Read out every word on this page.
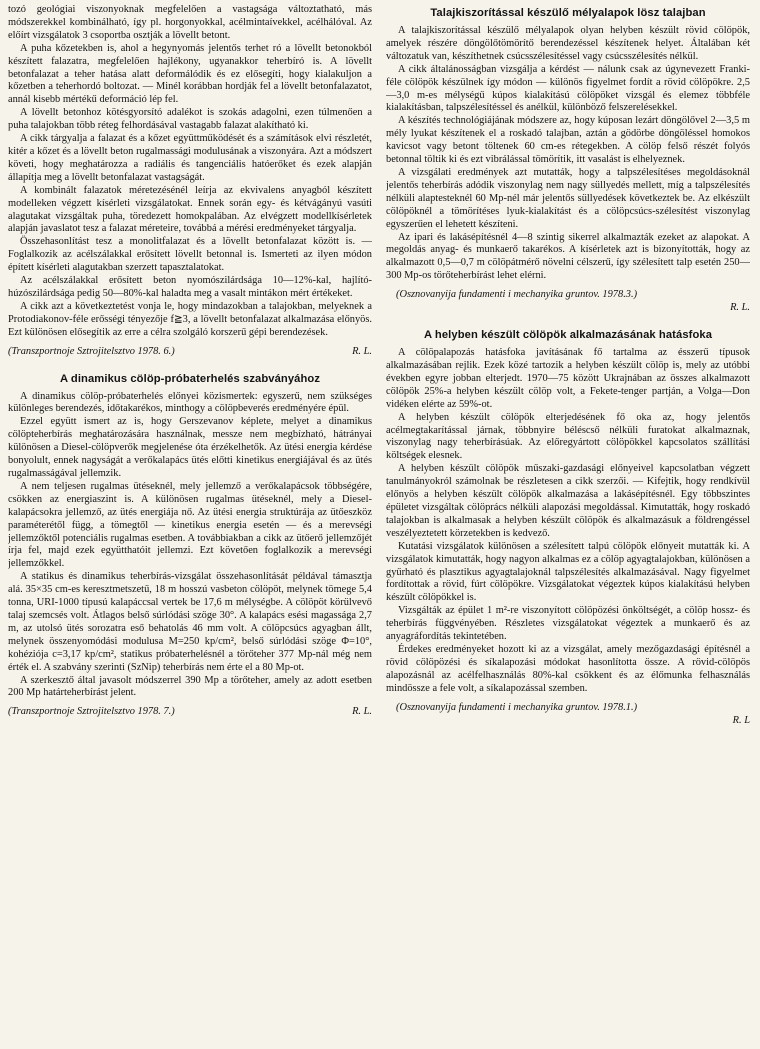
tozó geológiai viszonyoknak megfelelően a vastagsága változtatható, más módszerekkel kombinálható, így pl. horgonyokkal, acélmintaívekkel, acélhálóval. Az előírt vizsgálatok 3 csoportba osztják a lövellt betont.

A puha kőzetekben is, ahol a hegynyomás jelentős terhet ró a lövellt betonokból készített falazatra, megfelelően hajlékony, ugyanakkor teherbíró is. A lövellt betonfalazat a teher hatása alatt deformálódik és ez elősegíti, hogy kialakuljon a kőzetben a teherhordó boltozat. — Minél korábban hordják fel a lövellt betonfalazatot, annál kisebb mértékű deformáció lép fel.

A lövellt betonhoz kötésgyorsító adalékot is szokás adagolni, ezen túlmenően a puha talajokban több réteg felhordásával vastagabb falazat alakítható ki.

A cikk tárgyalja a falazat és a kőzet együttműködését és a számítások elvi részletét, kitér a kőzet és a lövellt beton rugalmassági modulusának a viszonyára. Azt a módszert követi, hogy meghatározza a radiális és tangenciális hatóerőket és ezek alapján állapítja meg a lövellt betonfalazat vastagságát.

A kombinált falazatok méretezésénél leírja az ekvivalens anyagból készített modelleken végzett kísérleti vizsgálatokat. Ennek során egy- és kétvágányú vasúti alagutakat vizsgáltak puha, töredezett homokpalában. Az elvégzett modellkísérletek alapján javaslatot tesz a falazat méreteire, továbbá a mérési eredményeket tárgyalja.

Összehasonlítást tesz a monolitfalazat és a lövellt betonfalazat között is. — Foglalkozik az acélszálakkal erősített lövellt betonnal is. Ismerteti az ilyen módon épített kísérleti alagutakban szerzett tapasztalatokat.

Az acélszálakkal erősített beton nyomószilárdsága 10—12%-kal, hajlító-húzószilárdsága pedig 50—80%-kal haladta meg a vasalt mintákon mért értékeket.

A cikk azt a következtetést vonja le, hogy mindazokban a talajokban, melyeknek a Protodiakonov-féle erősségi tényezője f≧3, a lövellt betonfalazat alkalmazása előnyös. Ezt különösen elősegítik az erre a célra szolgáló korszerű gépi berendezések.

(Transzportnoje Sztrojitelsztvo 1978. 6.)	R. L.
A dinamikus cölöp-próbaterhelés szabványához

A dinamikus cölöp-próbaterhelés előnyei közismertek: egyszerű, nem szükséges különleges berendezés, időtakarékos, minthogy a cölöpbeverés eredményére épül.

Ezzel együtt ismert az is, hogy Gerszevanov képlete, melyet a dinamikus cölöpteherbírás meghatározására használnak, messze nem megbízható, hátrányai különösen a Diesel-cölöpverők megjelenése óta érzékelhetők. Az ütési energia kérdése bonyolult, ennek nagyságát a verőkalapács ütés előtti kinetikus energiájával és az ütés rugalmasságával jellemzik.

A nem teljesen rugalmas ütéseknél, mely jellemző a verőkalapácsok többségére, csökken az energiaszint is. A különösen rugalmas ütéseknél, mely a Diesel-kalapácsokra jellemző, az ütés energiája nő. Az ütési energia struktúrája az ütőeszköz paraméterétől függ, a tömegtől — kinetikus energia esetén — és a merevségi jellemzőktől potenciális rugalmas esetben. A továbbiakban a cikk az ütőerő jellemzőjét írja fel, majd ezek együtthatóit jellemzi. Ezt követően foglalkozik a merevségi jellemzőkkel.

A statikus és dinamikus teherbírás-vizsgálat összehasonlítását példával támasztja alá. 35×35 cm-es keresztmetszetű, 18 m hosszú vasbeton cölöpöt, melynek tömege 5,4 tonna, URI-1000 típusú kalapáccsal vertek be 17,6 m mélységbe. A cölöpöt körülvevő talaj szemcsés volt. Átlagos belső súrlódási szöge 30°. A kalapács esési magassága 2,7 m, az utolsó ütés sorozatra eső behatolás 46 mm volt. A cölöpcsúcs agyagban állt, melynek összenyomódási modulusa M=250 kp/cm², belső súrlódási szöge Φ=10°, kohéziója c=3,17 kp/cm², statikus próbaterhelésnél a törőteher 377 Mp-nál még nem érték el. A szabvány szerinti (SzNip) teherbírás nem érte el a 80 Mp-ot.

A szerkesztő által javasolt módszerrel 390 Mp a törőteher, amely az adott esetben 200 Mp határteherbírást jelent.

(Transzportnoje Sztrojitelsztvo 1978. 7.)	R. L.
Talajkiszorítással készülő mélyalapok lösz talajban

A talajkiszorítással készülő mélyalapok olyan helyben készült rövid cölöpök, amelyek részére döngölőtömörítő berendezéssel készítenek helyet. Általában két változatuk van, készíthetnek csúcsszélesítéssel vagy csúcsszélesítés nélkül.

A cikk általánosságban vizsgálja a kérdést — nálunk csak az úgynevezett Franki-féle cölöpök készülnek így módon — különös figyelmet fordít a rövid cölöpökre. 2,5—3,0 m-es mélységű kúpos kialakítású cölöpöket vizsgál és elemez többféle kialakításban, talpszélesítéssel és anélkül, különböző felszerelésekkel.

A készítés technológiájának módszere az, hogy kúposan lezárt döngölővel 2—3,5 m mély lyukat készítenek el a roskadó talajban, aztán a gödörbe döngöléssel homokos kavicsot vagy betont töltenek 60 cm-es rétegekben. A cölöp felső részét folyós betonnal töltik ki és ezt vibrálással tömörítik, itt vasalást is elhelyeznek.

A vizsgálati eredmények azt mutatták, hogy a talpszélesítéses megoldásoknál jelentős teherbírás adódik viszonylag nem nagy süllyedés mellett, míg a talpszélesítés nélküli alaptesteknél 60 Mp-nél már jelentős süllyedések következtek be. Az elkészült cölöpöknél a tömörítéses lyuk-kialakítást és a cölöpcsúcs-szélesítést viszonylag egyszerűen el lehetett készíteni.

Az ipari és lakásépítésnél 4—8 szintig sikerrel alkalmazták ezeket az alapokat. A megoldás anyag- és munkaerő takarékos. A kísérletek azt is bizonyították, hogy az alkalmazott 0,5—0,7 m cölöpátmérő növelni célszerű, így szélesített talp esetén 250—300 Mp-os törőteherbírást lehet elérni.

(Osznovanyija fundamenti i mechanyika gruntov. 1978.3.)
R. L.
A helyben készült cölöpök alkalmazásának hatásfoka

A cölöpalapozás hatásfoka javításának fő tartalma az ésszerű típusok alkalmazásában rejlik. Ezek közé tartozik a helyben készült cölöp is, mely az utóbbi években egyre jobban elterjedt. 1970—75 között Ukrajnában az összes alkalmazott cölöpök 25%-a helyben készült cölöp volt, a Fekete-tenger partján, a Volga—Don vidéken elérte az 59%-ot.

A helyben készült cölöpök elterjedésének fő oka az, hogy jelentős acélmegtakarítással járnak, többnyire béléscső nélküli furatokat alkalmaznak, viszonylag nagy teherbírásúak. Az előregyártott cölöpökkel kapcsolatos szállítási költségek elesnek.

A helyben készült cölöpök műszaki-gazdasági előnyeivel kapcsolatban végzett tanulmányokról számolnak be részletesen a cikk szerzői. — Kifejtik, hogy rendkívül előnyös a helyben készült cölöpök alkalmazása a lakásépítésnél. Egy többszintes épületet vizsgáltak cölöprács nélküli alapozási megoldással. Kimutatták, hogy roskadó talajokban is alkalmasak a helyben készült cölöpök és alkalmazásuk a földrengéssel veszélyeztetett körzetekben is kedvező.

Kutatási vizsgálatok különösen a szélesített talpú cölöpök előnyeit mutatták ki. A vizsgálatok kimutatták, hogy nagyon alkalmas ez a cölöp agyagtalajokban, különösen a gyűrható és plasztikus agyagtalajoknál talpszélesítés alkalmazásával. Nagy figyelmet fordítottak a rövid, fúrt cölöpökre. Vizsgálatokat végeztek kúpos kialakítású helyben készült cölöpökkel is.

Vizsgálták az épület 1 m²-re viszonyított cölöpözési önköltségét, a cölöp hossz- és teherbírás függvényében. Részletes vizsgálatokat végeztek a munkaerő és az anyagráfordítás tekintetében.

Érdekes eredményeket hozott ki az a vizsgálat, amely mezőgazdasági építésnél a rövid cölöpözési és síkalapozási módokat hasonlította össze. A rövid-cölöpös alapozásnál az acélfelhasználás 80%-kal csökkent és az élőmunka felhasználás mindössze a fele volt, a síkalapozással szemben.

(Osznovanyija fundamenti i mechanyika gruntov. 1978.1.)
R. L
